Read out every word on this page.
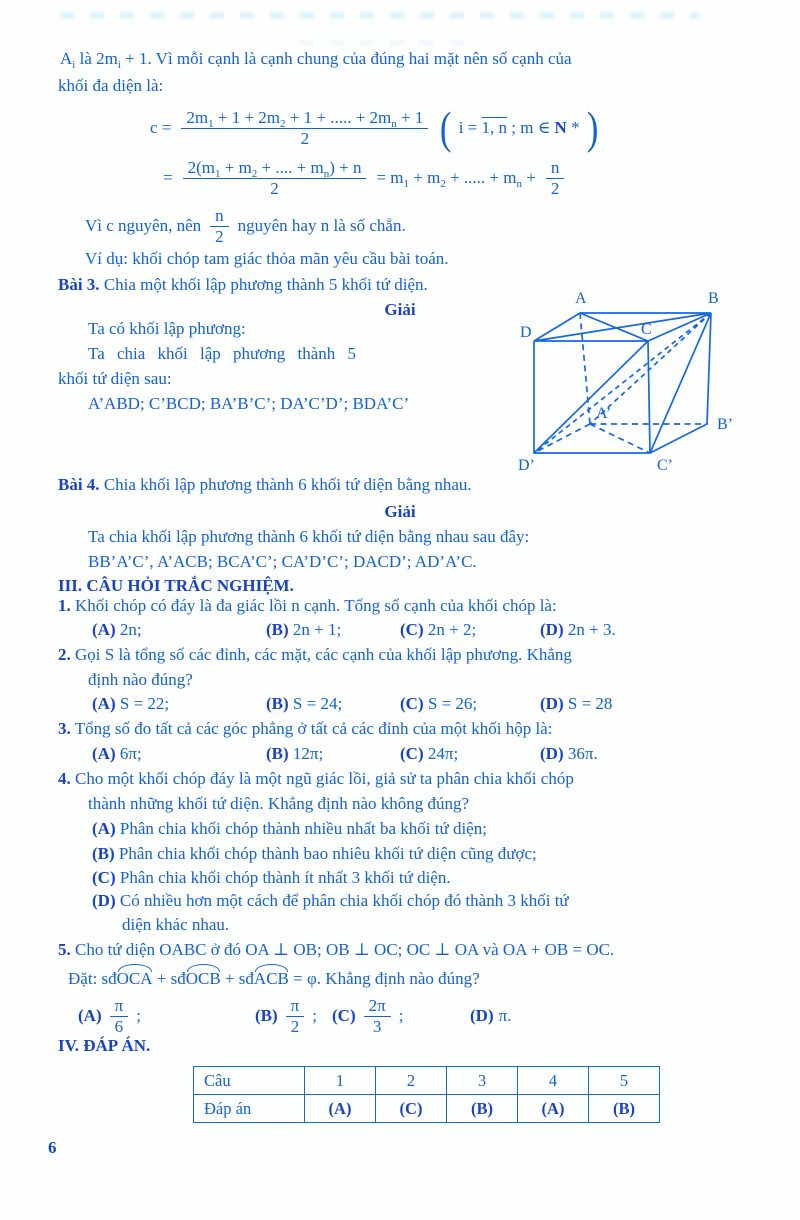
$A_i$ là $2m_i + 1$. Vì mỗi cạnh là cạnh chung của đúng hai mặt nên số cạnh của
khối đa diện là:
$c = \frac{2m_1 + 1 + 2m_2 + 1 + ..... + 2m_n + 1}{2}$ ( i = 1, n ; m ∈ N * )
= $\frac{2(m_1 + m_2 + .... + m_n) + n}{2} = m_1 + m_2$ + ..... + $m_n + \frac{n}{2}$
Vì c nguyên, nên $\frac{n}{2}$ nguyên hay n là số chẵn.
Ví dụ: khối chóp tam giác thỏa mãn yêu cầu bài toán.
Bài 3. Chia một khối lập phương thành 5 khối tứ diện.
Giải
Ta có khối lập phương:
Ta chia khối lập phương thành 5
khối tứ diện sau:
A’ABD; C’BCD; BA’B’C’; DA’C’D’; BDA’C’
A	B
D	C
A’
B’
D’	C’
Bài 4. Chia khối lập phương thành 6 khối tứ diện bằng nhau.
Giải
Ta chia khối lập phương thành 6 khối tứ diện bằng nhau sau đây:
BB’A’C’, A’ACB; BCA’C’; CA’D’C’; DACD’; AD’A’C.
III. CÂU HỎI TRẮC NGHIỆM.
1. Khối chóp có đáy là đa giác lồi n cạnh. Tổng số cạnh của khối chóp là:
(A) 2n;	(B) 2n + 1;	(C) 2n + 2;	(D) 2n + 3.
2. Gọi S là tổng số các đỉnh, các mặt, các cạnh của khối lập phương. Khẳng
định nào đúng?
(A) S = 22;	(B) S = 24;	(C) S = 26;	(D) S = 28
3. Tổng số đo tất cả các góc phẳng ở tất cả các đỉnh của một khối hộp là:
(A) 6π;	(B) 12π;	(C) 24π;	(D) 36π.
4. Cho một khối chóp đáy là một ngũ giác lồi, giả sử ta phân chia khối chóp
thành những khối tứ diện. Khẳng định nào không đúng?
(A) Phân chia khối chóp thành nhiều nhất ba khối tứ diện;
(B) Phân chia khối chóp thành bao nhiêu khối tứ diện cũng được;
(C) Phân chia khối chóp thành ít nhất 3 khối tứ diện.
(D) Có nhiều hơn một cách để phân chia khối chóp đó thành 3 khối tứ
diện khác nhau.
5. Cho tứ diện OABC ở đó OA ⊥ OB; OB ⊥ OC; OC ⊥ OA và OA + OB = OC.
Đặt: sđOCA + sđOCB + sđACB = φ. Khẳng định nào đúng?
$(A) \frac{\pi}{6}$ ;	$(B) \frac{\pi}{2}$ ; $(C) \frac{2\pi}{3}$ ;	(D) π.
IV. ĐÁP ÁN.
Câu	1	2	3	4	5
Đáp án	(A)	(C)	(B)	(A)	(B)
6
